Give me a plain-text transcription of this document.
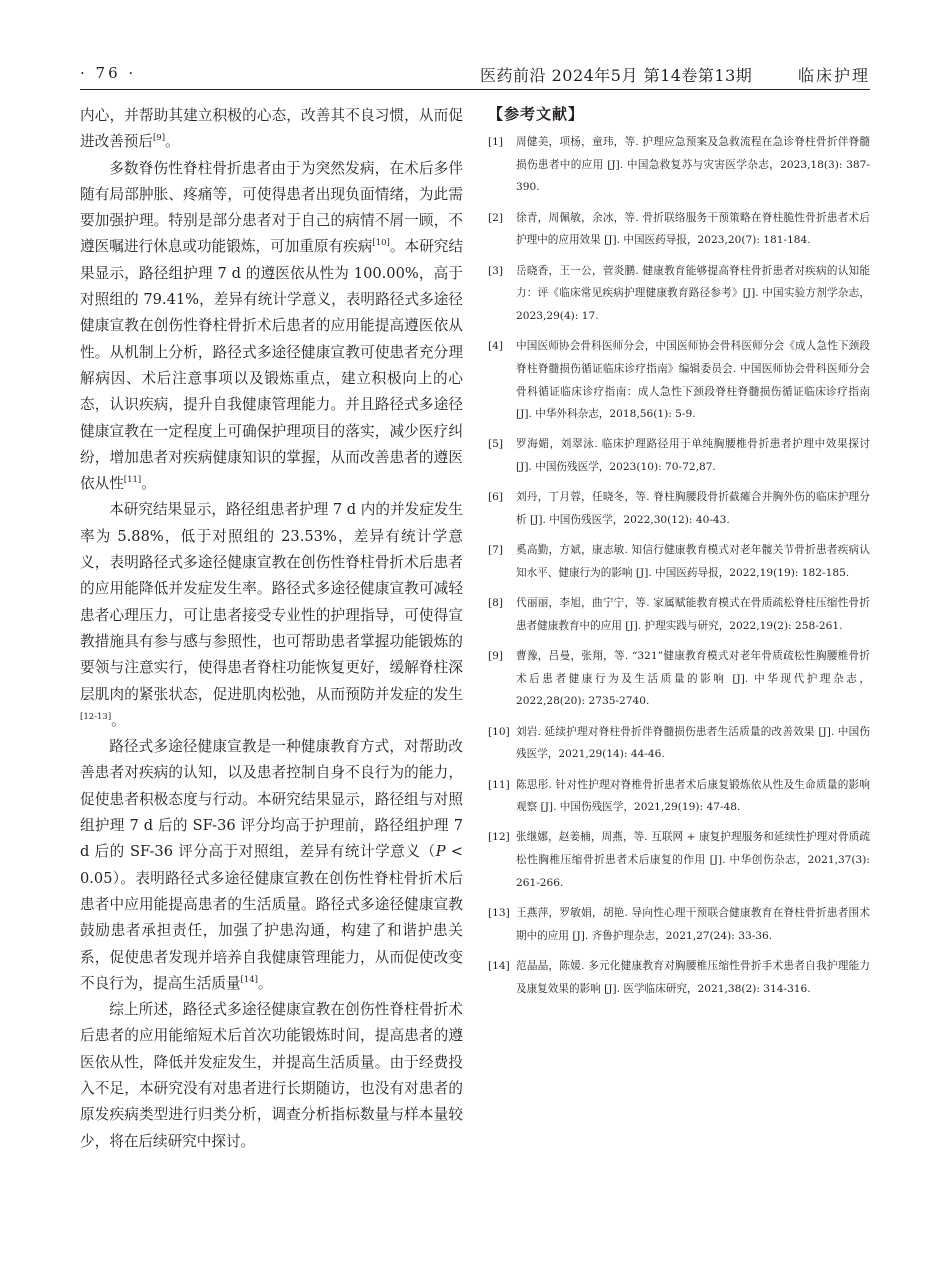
· 76 ·	医药前沿 2024年5月 第14卷第13期	临床护理

内心，并帮助其建立积极的心态，改善其不良习惯，从而促进改善预后[9]。

多数脊伤性脊柱骨折患者由于为突然发病，在术后多伴随有局部肿胀、疼痛等，可使得患者出现负面情绪，为此需要加强护理。特别是部分患者对于自己的病情不屑一顾，不遵医嘱进行休息或功能锻炼，可加重原有疾病[10]。本研究结果显示，路径组护理 7 d 的遵医依从性为 100.00%，高于对照组的 79.41%，差异有统计学意义，表明路径式多途径健康宣教在创伤性脊柱骨折术后患者的应用能提高遵医依从性。从机制上分析，路径式多途径健康宣教可使患者充分理解病因、术后注意事项以及锻炼重点，建立积极向上的心态，认识疾病，提升自我健康管理能力。并且路径式多途径健康宣教在一定程度上可确保护理项目的落实，减少医疗纠纷，增加患者对疾病健康知识的掌握，从而改善患者的遵医依从性[11]。

本研究结果显示，路径组患者护理 7 d 内的并发症发生率为 5.88%，低于对照组的 23.53%，差异有统计学意义，表明路径式多途径健康宣教在创伤性脊柱骨折术后患者的应用能降低并发症发生率。路径式多途径健康宣教可减轻患者心理压力，可让患者接受专业性的护理指导，可使得宣教措施具有参与感与参照性，也可帮助患者掌握功能锻炼的要领与注意实行，使得患者脊柱功能恢复更好，缓解脊柱深层肌肉的紧张状态，促进肌肉松弛，从而预防并发症的发生[12-13]。

路径式多途径健康宣教是一种健康教育方式，对帮助改善患者对疾病的认知，以及患者控制自身不良行为的能力，促使患者积极态度与行动。本研究结果显示，路径组与对照组护理 7 d 后的 SF-36 评分均高于护理前，路径组护理 7 d 后的 SF-36 评分高于对照组，差异有统计学意义（P < 0.05）。表明路径式多途径健康宣教在创伤性脊柱骨折术后患者中应用能提高患者的生活质量。路径式多途径健康宣教鼓励患者承担责任，加强了护患沟通，构建了和谐护患关系，促使患者发现并培养自我健康管理能力，从而促使改变不良行为，提高生活质量[14]。

综上所述，路径式多途径健康宣教在创伤性脊柱骨折术后患者的应用能缩短术后首次功能锻炼时间，提高患者的遵医依从性，降低并发症发生，并提高生活质量。由于经费投入不足，本研究没有对患者进行长期随访，也没有对患者的原发疾病类型进行归类分析，调查分析指标数量与样本量较少，将在后续研究中探讨。

【参考文献】
[1] 周健美，项杨，童玮，等. 护理应急预案及急救流程在急诊脊柱骨折伴脊髓损伤患者中的应用 [J]. 中国急救复苏与灾害医学杂志，2023,18(3): 387-390.
[2] 徐青，周佩敏，余冰，等. 骨折联络服务干预策略在脊柱脆性骨折患者术后护理中的应用效果 [J]. 中国医药导报，2023,20(7): 181-184.
[3] 岳晓香，王一公，菅炎鹏. 健康教育能够提高脊柱骨折患者对疾病的认知能力：评《临床常见疾病护理健康教育路径参考》[J]. 中国实验方剂学杂志，2023,29(4): 17.
[4] 中国医师协会骨科医师分会，中国医师协会骨科医师分会《成人急性下颈段脊柱脊髓损伤循证临床诊疗指南》编辑委员会. 中国医师协会骨科医师分会骨科循证临床诊疗指南：成人急性下颈段脊柱脊髓损伤循证临床诊疗指南 [J]. 中华外科杂志，2018,56(1): 5-9.
[5] 罗海媚，刘翠泳. 临床护理路径用于单纯胸腰椎骨折患者护理中效果探讨 [J]. 中国伤残医学，2023(10): 70-72,87.
[6] 刘丹，丁月蓉，任晓冬，等. 脊柱胸腰段骨折截瘫合并胸外伤的临床护理分析 [J]. 中国伤残医学，2022,30(12): 40-43.
[7] 奚高勤，方斌，康志敏. 知信行健康教育模式对老年髋关节骨折患者疾病认知水平、健康行为的影响 [J]. 中国医药导报，2022,19(19): 182-185.
[8] 代丽丽，李旭，曲宁宁，等. 家属赋能教育模式在骨质疏松脊柱压缩性骨折患者健康教育中的应用 [J]. 护理实践与研究，2022,19(2): 258-261.
[9] 曹豫，吕曼，张翔，等. “321”健康教育模式对老年骨质疏松性胸腰椎骨折术后患者健康行为及生活质量的影响 [J]. 中华现代护理杂志，2022,28(20): 2735-2740.
[10] 刘岩. 延续护理对脊柱骨折伴脊髓损伤患者生活质量的改善效果 [J]. 中国伤残医学，2021,29(14): 44-46.
[11] 陈思彤. 针对性护理对脊椎骨折患者术后康复锻炼依从性及生命质量的影响观察 [J]. 中国伤残医学，2021,29(19): 47-48.
[12] 张继娜，赵姜楠，周燕，等. 互联网 + 康复护理服务和延续性护理对骨质疏松性胸椎压缩骨折患者术后康复的作用 [J]. 中华创伤杂志，2021,37(3): 261-266.
[13] 王燕萍，罗敏娟，胡艳. 导向性心理干预联合健康教育在脊柱骨折患者围术期中的应用 [J]. 齐鲁护理杂志，2021,27(24): 33-36.
[14] 范晶晶，陈媛. 多元化健康教育对胸腰椎压缩性骨折手术患者自我护理能力及康复效果的影响 [J]. 医学临床研究，2021,38(2): 314-316.
